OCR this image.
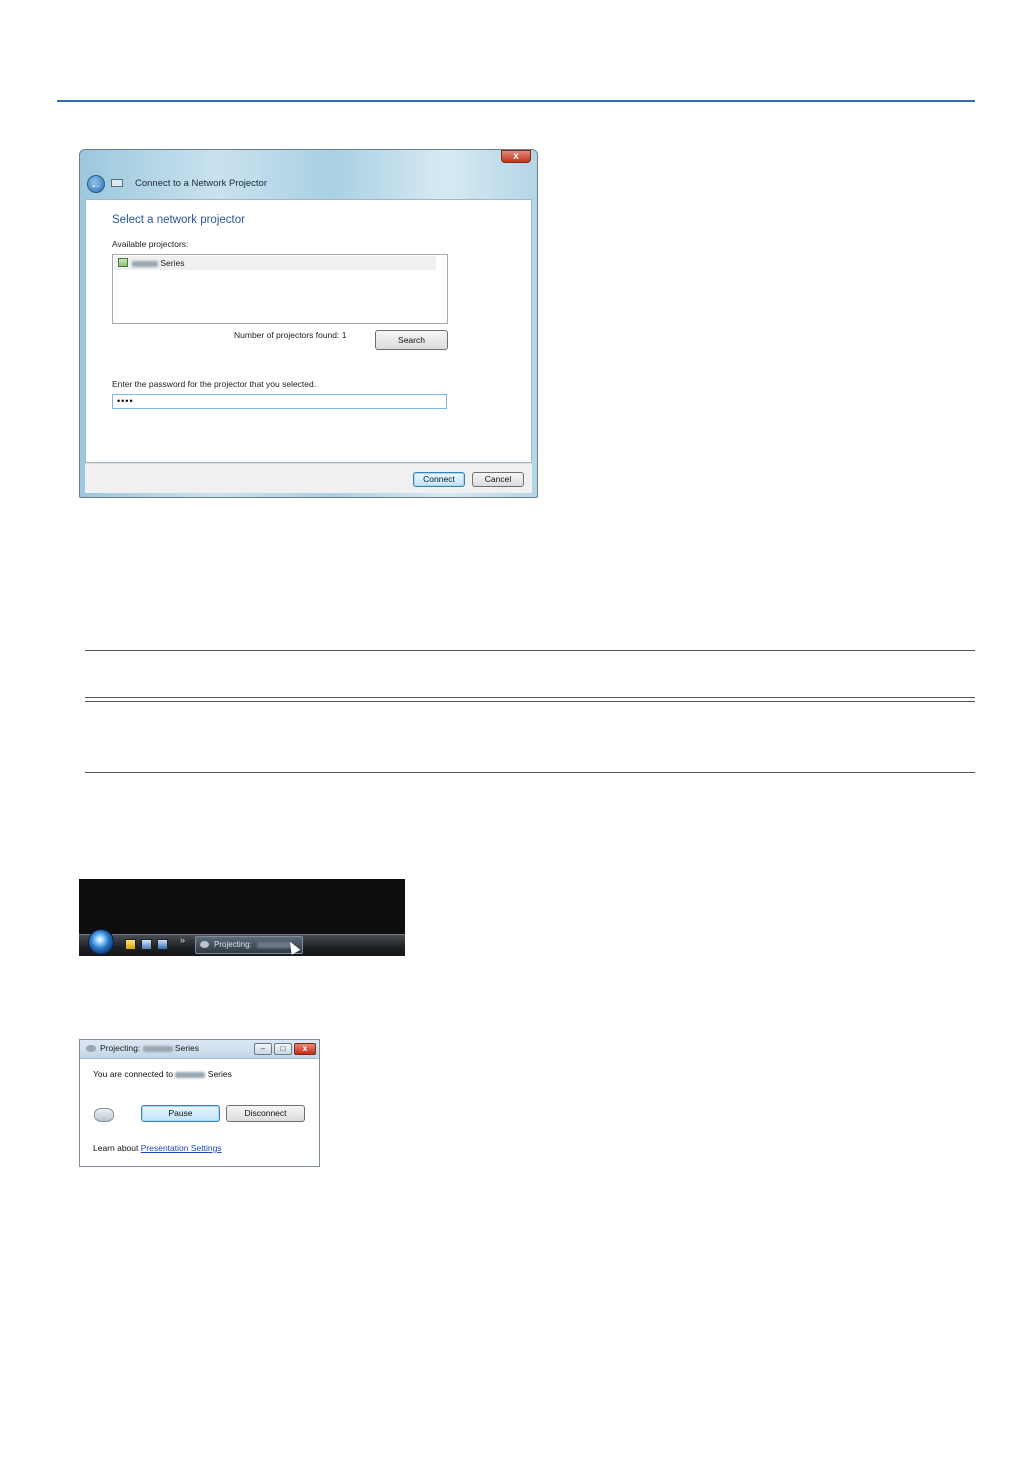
x
←	Connect to a Network Projector
Select a network projector
Available projectors:
Series
Number of projectors found: 1	Search
Enter the password for the projector that you selected.
••••
Connect	Cancel
»	Projecting:
Projecting:	Series	–	□	x
You are connected to	Series
Pause	Disconnect
Learn about Presentation Settings
